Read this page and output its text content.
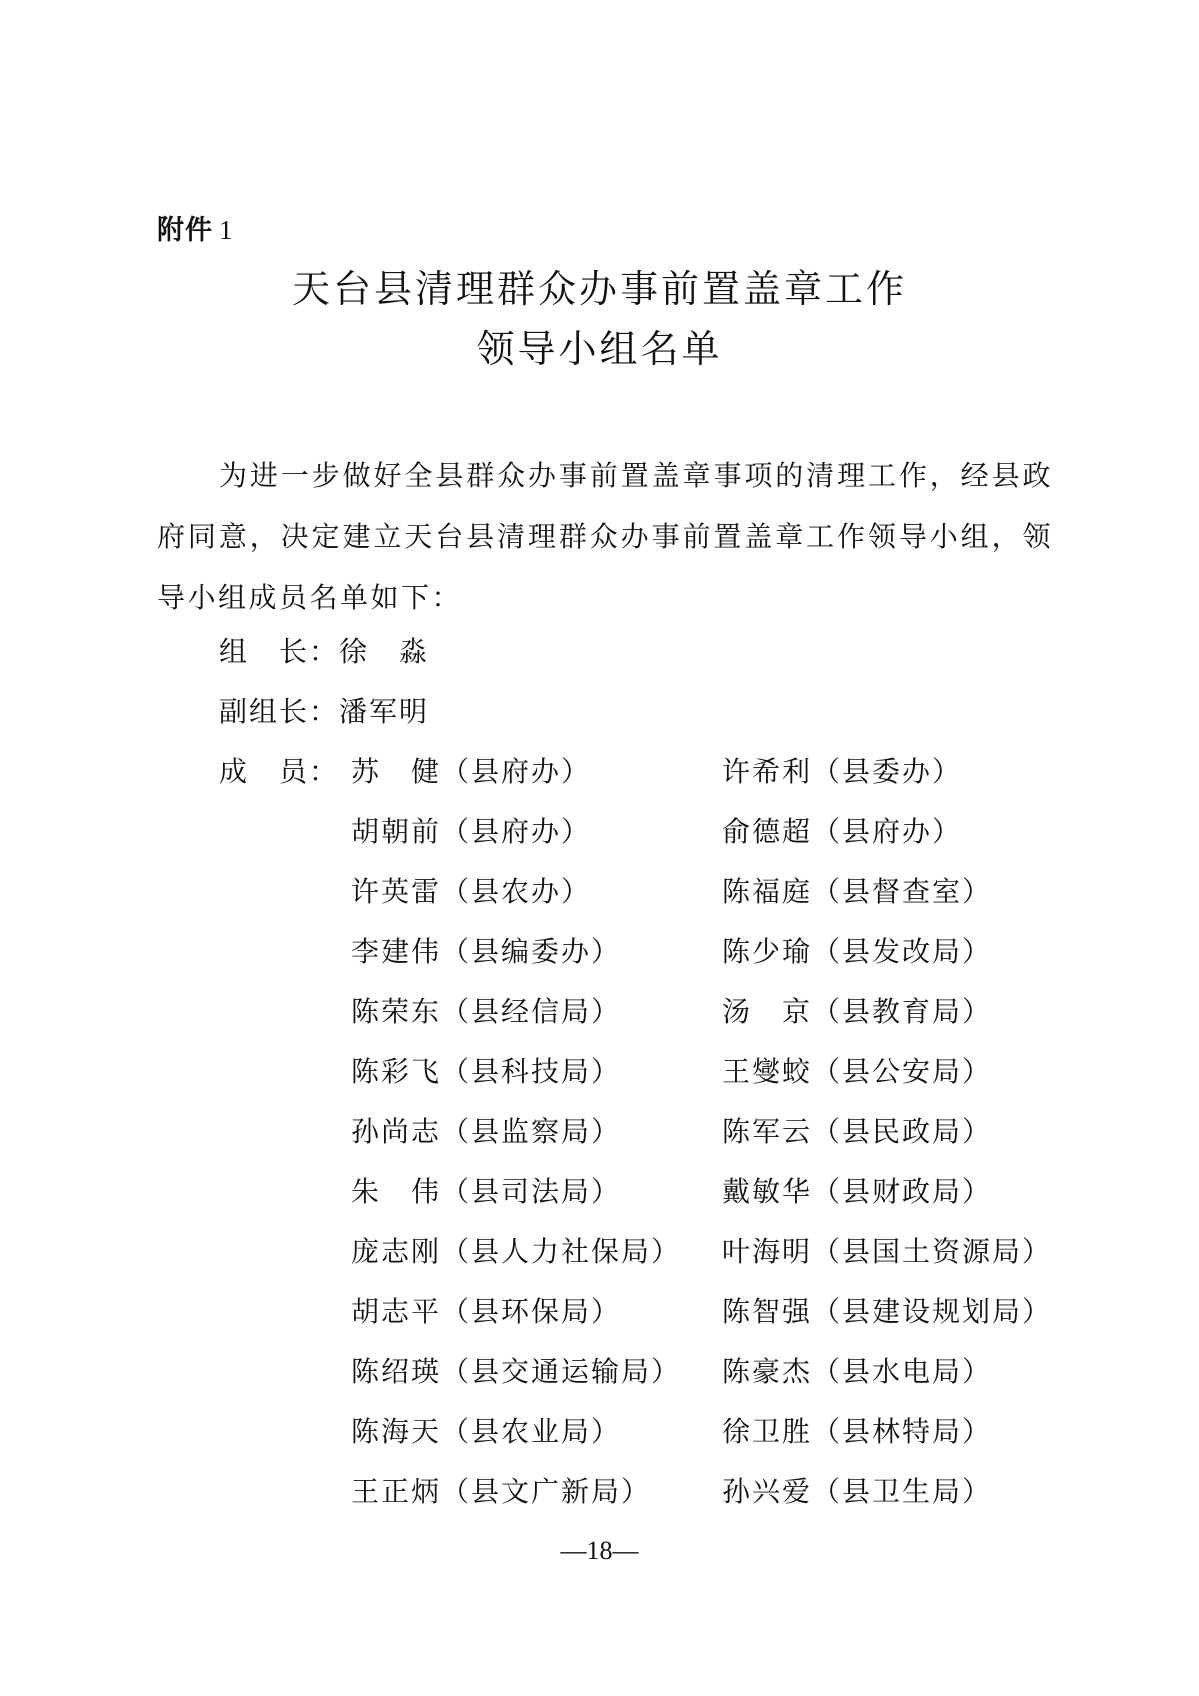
附件 1
天台县清理群众办事前置盖章工作
领导小组名单
为进一步做好全县群众办事前置盖章事项的清理工作，经县政府同意，决定建立天台县清理群众办事前置盖章工作领导小组，领导小组成员名单如下：
组　长：徐　淼
副组长：潘军明
成　员： 苏　健（县府办）
胡朝前（县府办）
许英雷（县农办）
李建伟（县编委办）
陈荣东（县经信局）
陈彩飞（县科技局）
孙尚志（县监察局）
朱　伟（县司法局）
庞志刚（县人力社保局）
胡志平（县环保局）
陈绍瑛（县交通运输局）
陈海天（县农业局）
王正炳（县文广新局）
许希利（县委办）
俞德超（县府办）
陈福庭（县督查室）
陈少瑜（县发改局）
汤　京（县教育局）
王燮蛟（县公安局）
陈军云（县民政局）
戴敏华（县财政局）
叶海明（县国土资源局）
陈智强（县建设规划局）
陈豪杰（县水电局）
徐卫胜（县林特局）
孙兴爱（县卫生局）
—18—
